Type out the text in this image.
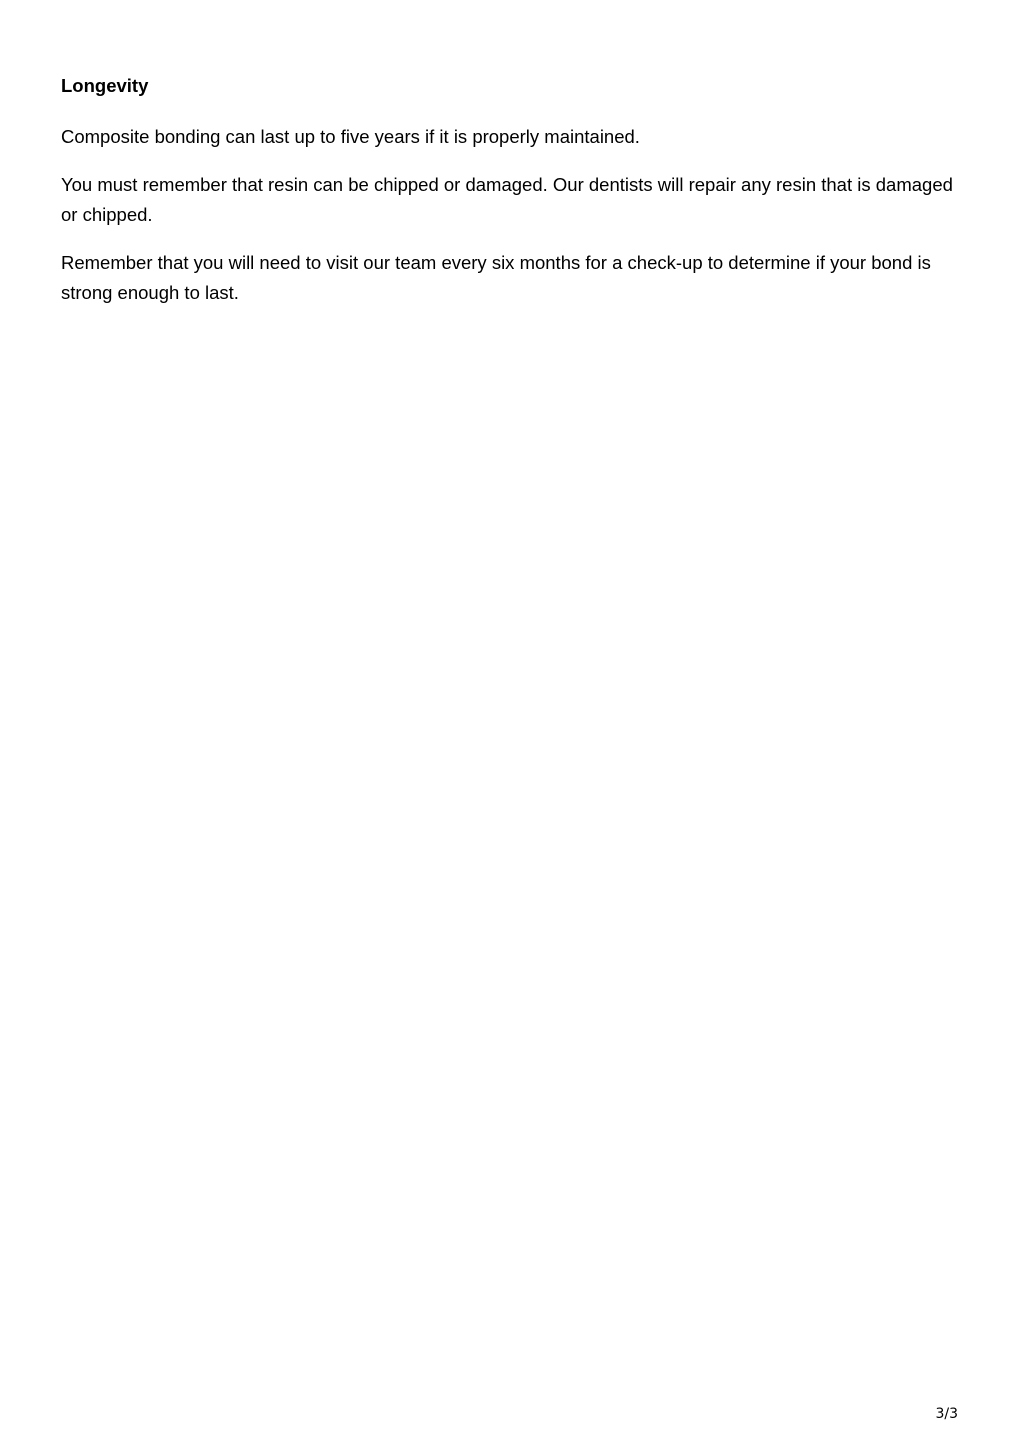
Longevity

Composite bonding can last up to five years if it is properly maintained.

You must remember that resin can be chipped or damaged. Our dentists will repair any resin that is damaged or chipped.

Remember that you will need to visit our team every six months for a check-up to determine if your bond is strong enough to last.

3/3
